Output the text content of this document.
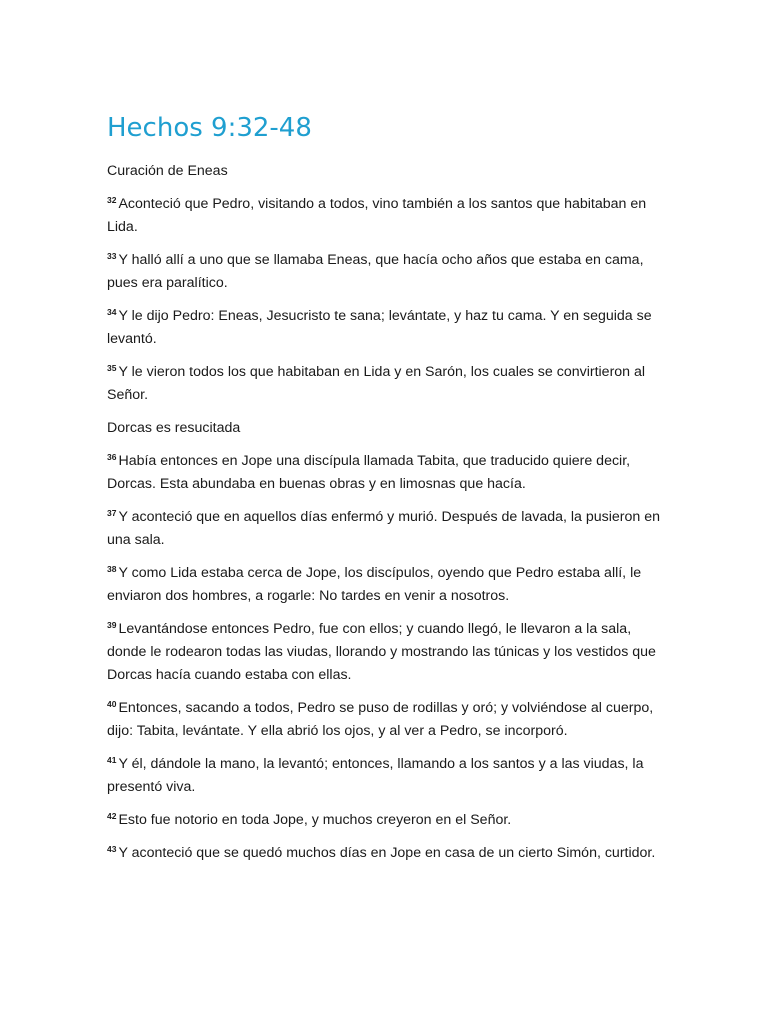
Hechos 9:32-48

Curación de Eneas

$^{32}$ Aconteció que Pedro, visitando a todos, vino también a los santos que habitaban en Lida.

$^{33}$ Y halló allí a uno que se llamaba Eneas, que hacía ocho años que estaba en cama, pues era paralítico.

$^{34}$ Y le dijo Pedro: Eneas, Jesucristo te sana; levántate, y haz tu cama. Y en seguida se levantó.

$^{35}$ Y le vieron todos los que habitaban en Lida y en Sarón, los cuales se convirtieron al Señor.

Dorcas es resucitada

$^{36}$ Había entonces en Jope una discípula llamada Tabita, que traducido quiere decir, Dorcas. Esta abundaba en buenas obras y en limosnas que hacía.

$^{37}$ Y aconteció que en aquellos días enfermó y murió. Después de lavada, la pusieron en una sala.

$^{38}$ Y como Lida estaba cerca de Jope, los discípulos, oyendo que Pedro estaba allí, le enviaron dos hombres, a rogarle: No tardes en venir a nosotros.

$^{39}$ Levantándose entonces Pedro, fue con ellos; y cuando llegó, le llevaron a la sala, donde le rodearon todas las viudas, llorando y mostrando las túnicas y los vestidos que Dorcas hacía cuando estaba con ellas.

$^{40}$ Entonces, sacando a todos, Pedro se puso de rodillas y oró; y volviéndose al cuerpo, dijo: Tabita, levántate. Y ella abrió los ojos, y al ver a Pedro, se incorporó.

$^{41}$ Y él, dándole la mano, la levantó; entonces, llamando a los santos y a las viudas, la presentó viva.

$^{42}$ Esto fue notorio en toda Jope, y muchos creyeron en el Señor.

$^{43}$ Y aconteció que se quedó muchos días en Jope en casa de un cierto Simón, curtidor.
